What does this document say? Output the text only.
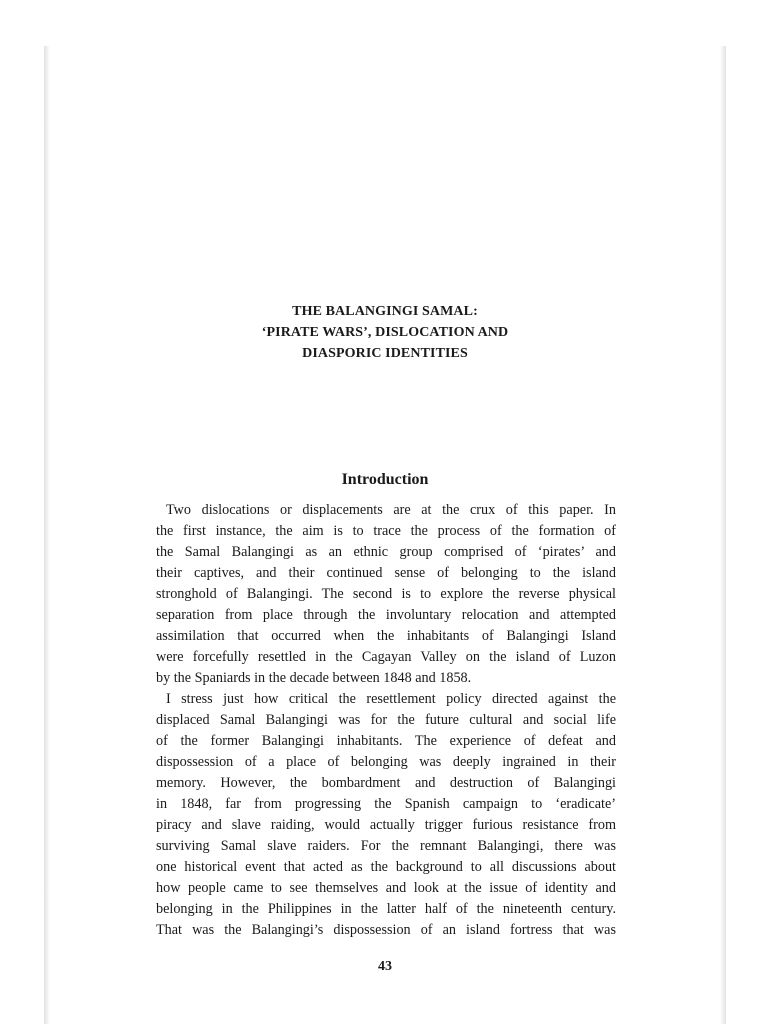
THE BALANGINGI SAMAL:
‘PIRATE WARS’, DISLOCATION AND
DIASPORIC IDENTITIES
Introduction
Two dislocations or displacements are at the crux of this paper. In
the first instance, the aim is to trace the process of the formation of
the Samal Balangingi as an ethnic group comprised of ‘pirates’ and
their captives, and their continued sense of belonging to the island
stronghold of Balangingi. The second is to explore the reverse physical
separation from place through the involuntary relocation and attempted
assimilation that occurred when the inhabitants of Balangingi Island
were forcefully resettled in the Cagayan Valley on the island of Luzon
by the Spaniards in the decade between 1848 and 1858.
I stress just how critical the resettlement policy directed against the
displaced Samal Balangingi was for the future cultural and social life
of the former Balangingi inhabitants. The experience of defeat and
dispossession of a place of belonging was deeply ingrained in their
memory. However, the bombardment and destruction of Balangingi
in 1848, far from progressing the Spanish campaign to ‘eradicate’
piracy and slave raiding, would actually trigger furious resistance from
surviving Samal slave raiders. For the remnant Balangingi, there was
one historical event that acted as the background to all discussions about
how people came to see themselves and look at the issue of identity and
belonging in the Philippines in the latter half of the nineteenth century.
That was the Balangingi’s dispossession of an island fortress that was
43
